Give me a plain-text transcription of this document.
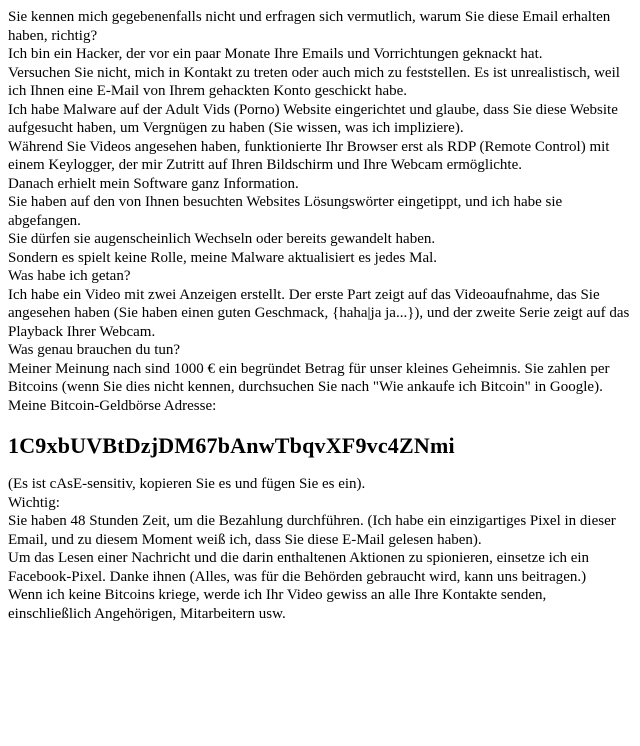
Sie kennen mich gegebenenfalls nicht und erfragen sich vermutlich, warum Sie diese Email erhalten haben, richtig?

Ich bin ein Hacker, der vor ein paar Monate Ihre Emails und Vorrichtungen geknackt hat.

Versuchen Sie nicht, mich in Kontakt zu treten oder auch mich zu feststellen. Es ist unrealistisch, weil ich Ihnen eine E-Mail von Ihrem gehackten Konto geschickt habe.

Ich habe Malware auf der Adult Vids (Porno) Website eingerichtet und glaube, dass Sie diese Website aufgesucht haben, um Vergnügen zu haben (Sie wissen, was ich impliziere).

Während Sie Videos angesehen haben, funktionierte Ihr Browser erst als RDP (Remote Control) mit einem Keylogger, der mir Zutritt auf Ihren Bildschirm und Ihre Webcam ermöglichte.

Danach erhielt mein Software ganz Information.

Sie haben auf den von Ihnen besuchten Websites Lösungswörter eingetippt, und ich habe sie abgefangen.

Sie dürfen sie augenscheinlich Wechseln oder bereits gewandelt haben.

Sondern es spielt keine Rolle, meine Malware aktualisiert es jedes Mal.

Was habe ich getan?

Ich habe ein Video mit zwei Anzeigen erstellt. Der erste Part zeigt auf das Videoaufnahme, das Sie angesehen haben (Sie haben einen guten Geschmack, {haha|ja ja...}), und der zweite Serie zeigt auf das Playback Ihrer Webcam.

Was genau brauchen du tun?

Meiner Meinung nach sind 1000 € ein begründet Betrag für unser kleines Geheimnis. Sie zahlen per Bitcoins (wenn Sie dies nicht kennen, durchsuchen Sie nach "Wie ankaufe ich Bitcoin" in Google).

Meine Bitcoin-Geldbörse Adresse:

1C9xbUVBtDzjDM67bAnwTbqvXF9vc4ZNmi

(Es ist cAsE-sensitiv, kopieren Sie es und fügen Sie es ein).

Wichtig:

Sie haben 48 Stunden Zeit, um die Bezahlung durchführen. (Ich habe ein einzigartiges Pixel in dieser Email, und zu diesem Moment weiß ich, dass Sie diese E-Mail gelesen haben).

Um das Lesen einer Nachricht und die darin enthaltenen Aktionen zu spionieren, einsetze ich ein Facebook-Pixel. Danke ihnen (Alles, was für die Behörden gebraucht wird, kann uns beitragen.)

Wenn ich keine Bitcoins kriege, werde ich Ihr Video gewiss an alle Ihre Kontakte senden, einschließlich Angehörigen, Mitarbeitern usw.
